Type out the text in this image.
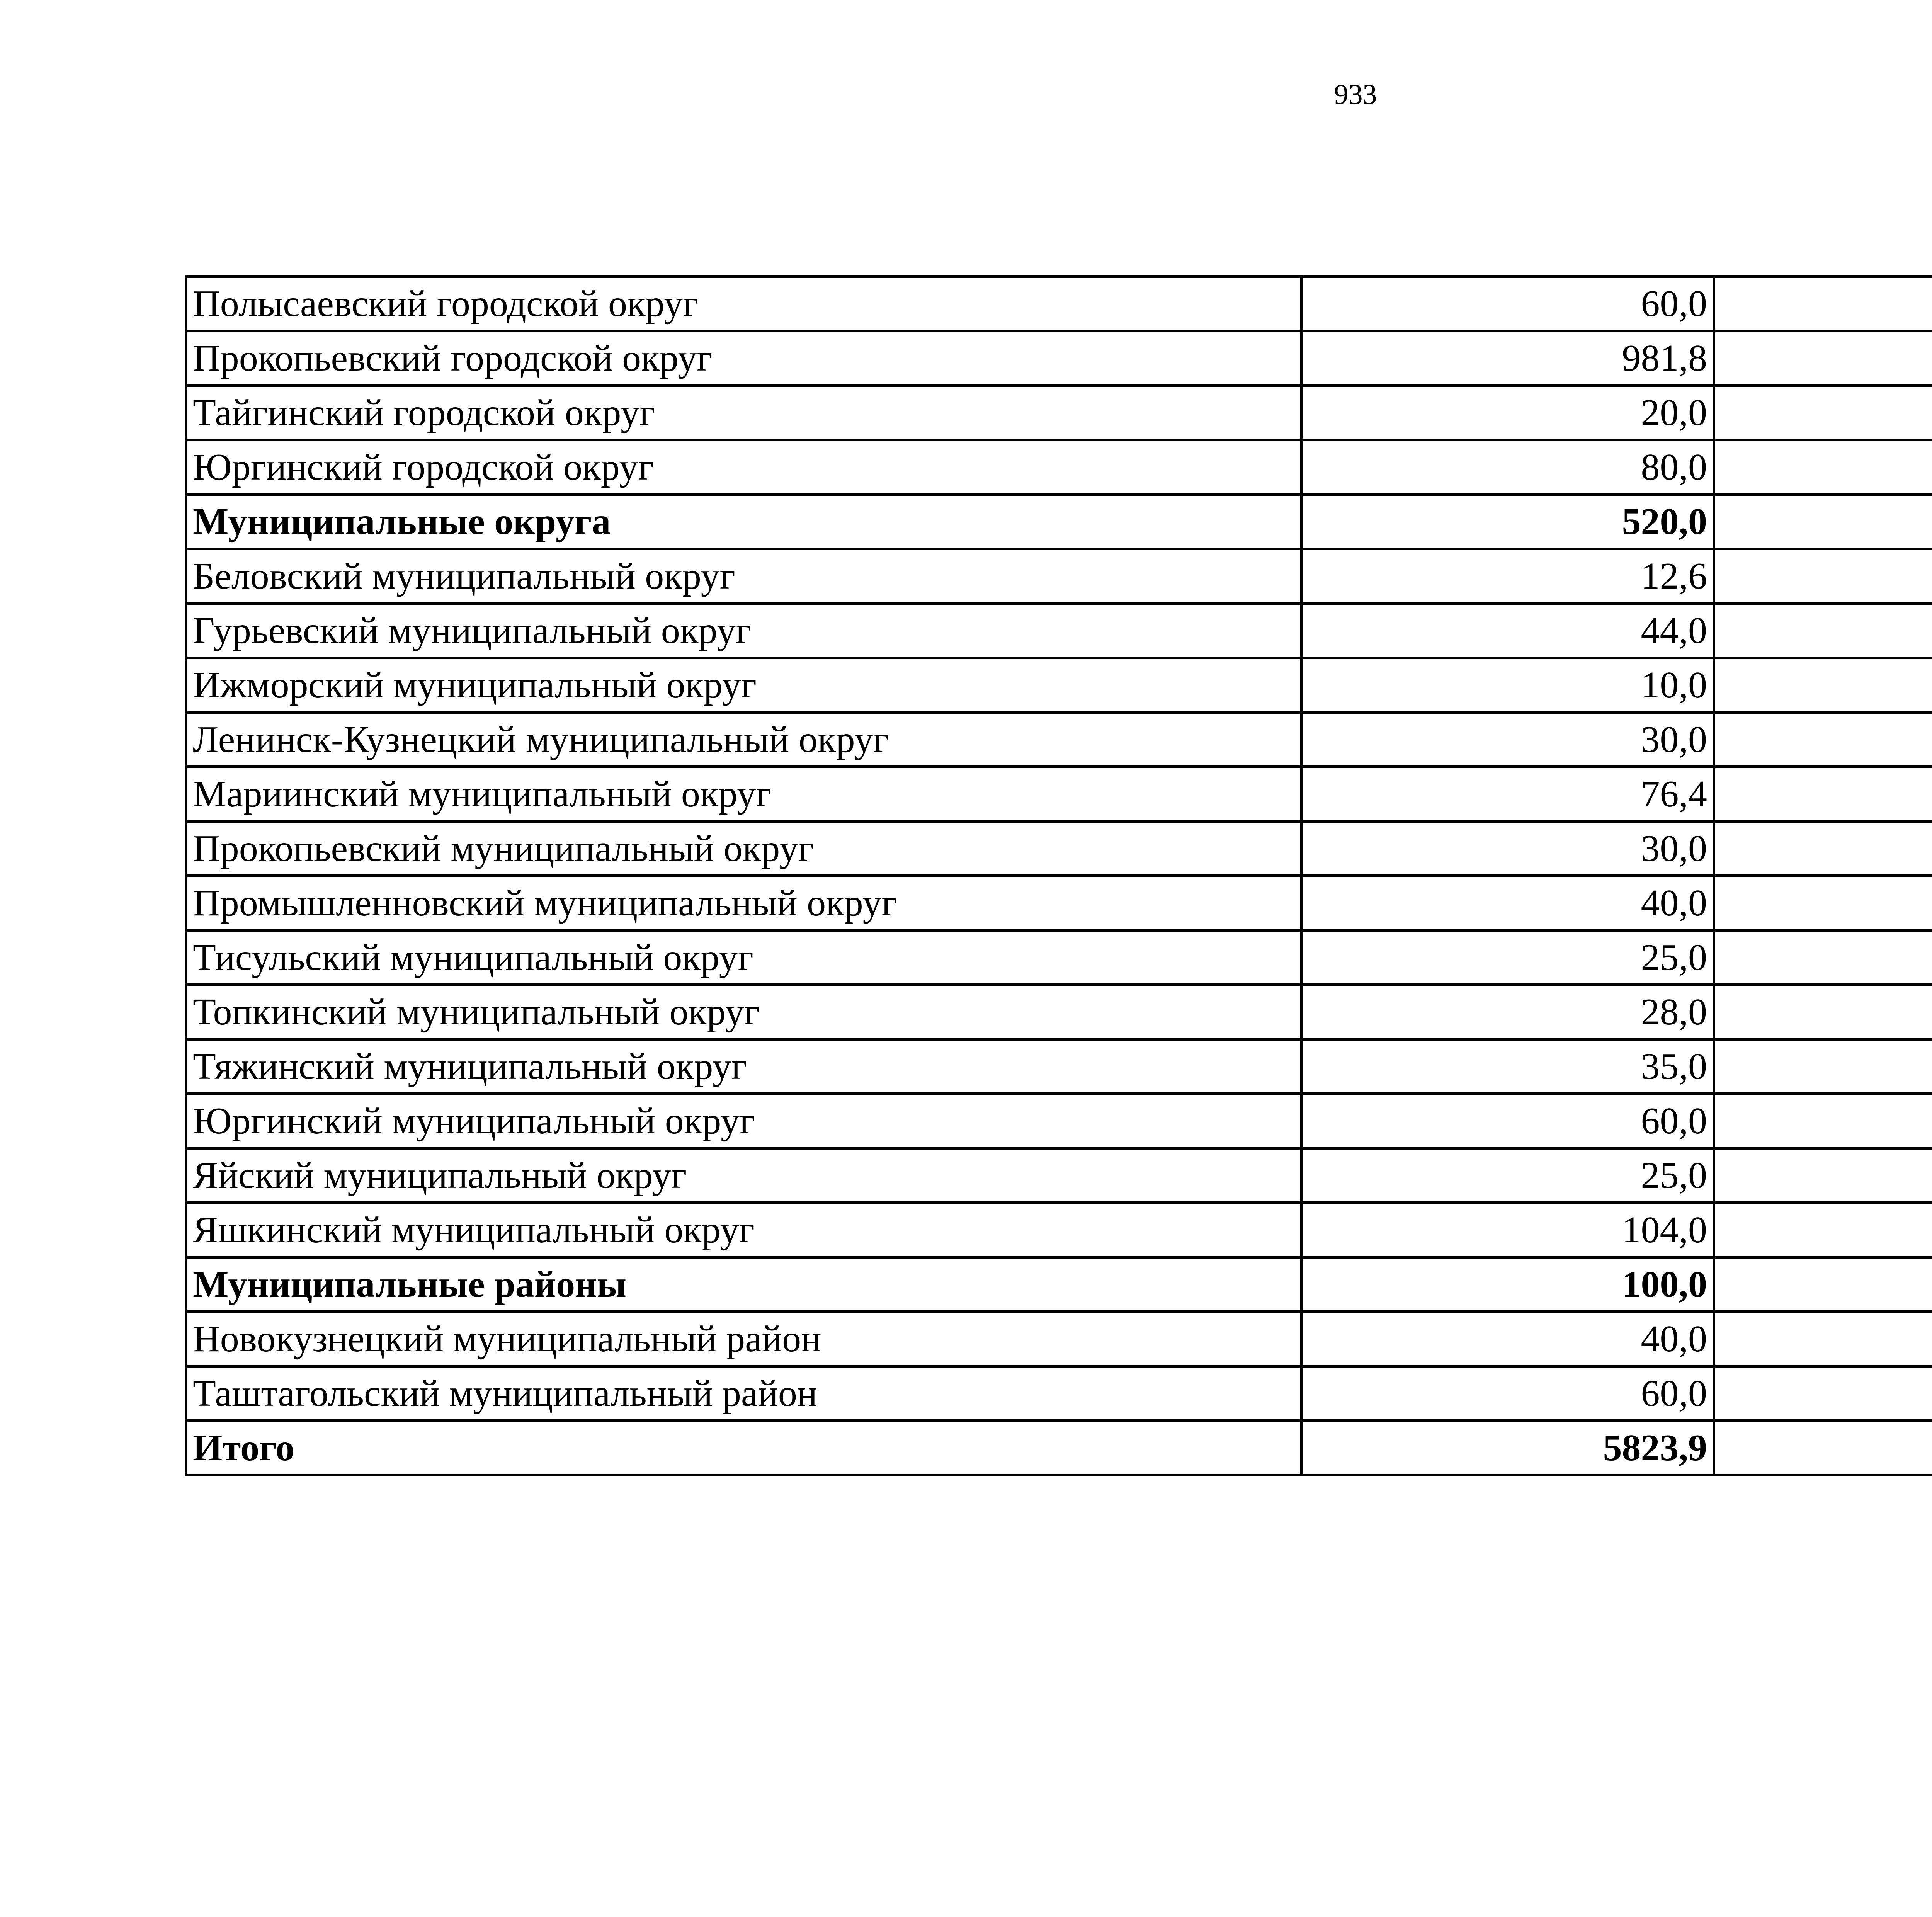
933
Полысаевский городской округ	60,0		
Прокопьевский городской округ	981,8		
Тайгинский городской округ	20,0		
Юргинский городской округ	80,0		
Муниципальные округа	520,0		
Беловский муниципальный округ	12,6		
Гурьевский муниципальный округ	44,0		
Ижморский муниципальный округ	10,0		
Ленинск-Кузнецкий муниципальный округ	30,0		
Мариинский муниципальный округ	76,4		
Прокопьевский муниципальный округ	30,0		
Промышленновский муниципальный округ	40,0		
Тисульский муниципальный округ	25,0		
Топкинский муниципальный округ	28,0		
Тяжинский муниципальный округ	35,0		
Юргинский муниципальный округ	60,0		
Яйский муниципальный округ	25,0		
Яшкинский муниципальный округ	104,0		
Муниципальные районы	100,0		
Новокузнецкий муниципальный район	40,0		
Таштагольский муниципальный район	60,0		
Итого	5823,9		
